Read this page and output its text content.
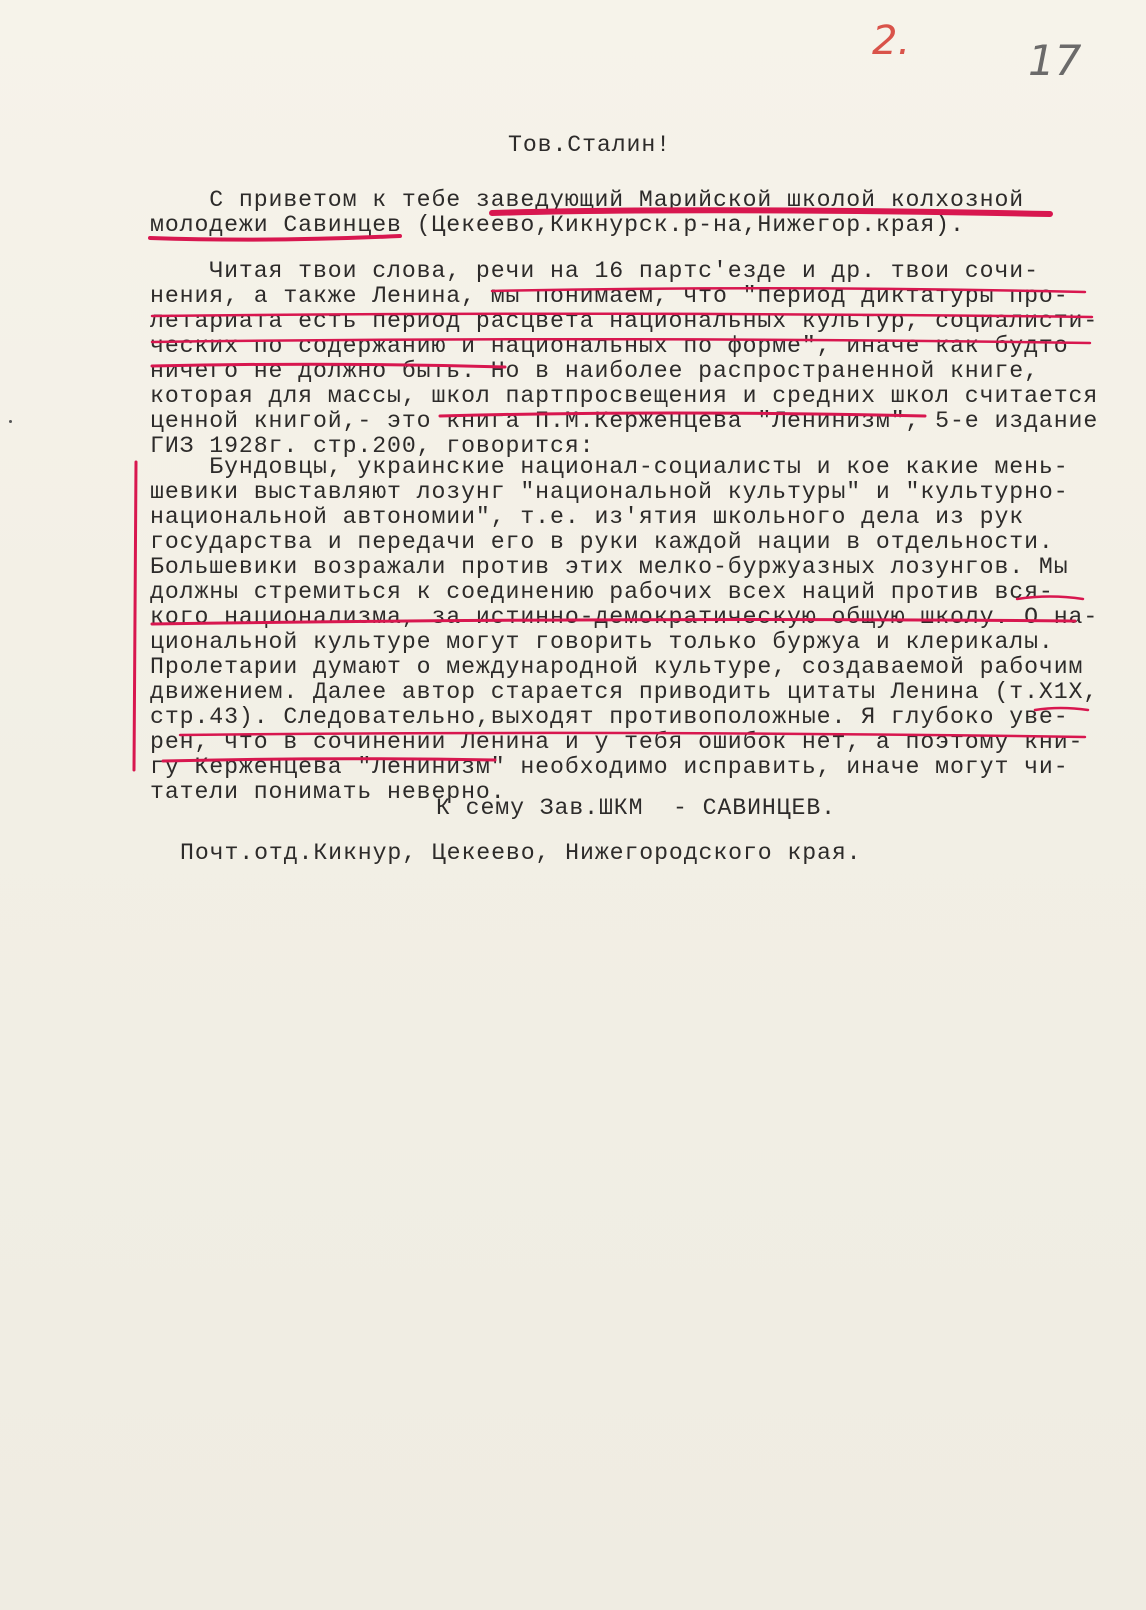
2.	17
Тов.Сталин!
С приветом к тебе заведующий Марийской школой колхозной
молодежи Савинцев (Цекеево,Кикнурск.р-на,Нижегор.края).
Читая твои слова, речи на 16 партс'езде и др. твои сочи-
нения, а также Ленина, мы понимаем, что "период диктатуры про-
летариата есть период расцвета национальных культур, социалисти-
ческих по содержанию и национальных по форме", иначе как будто
ничего не должно быть. Но в наиболее распространенной книге,
которая для массы, школ партпросвещения и средних школ считается
ценной книгой,- это книга П.М.Керженцева "Ленинизм", 5-е издание
ГИЗ 1928г. стр.200, говорится:
Бундовцы, украинские национал-социалисты и кое какие мень-
шевики выставляют лозунг "национальной культуры" и "культурно-
национальной автономии", т.е. из'ятия школьного дела из рук
государства и передачи его в руки каждой нации в отдельности.
Большевики возражали против этих мелко-буржуазных лозунгов. Мы
должны стремиться к соединению рабочих всех наций против вся-
кого национализма, за истинно-демократическую общую школу. О на-
циональной культуре могут говорить только буржуа и клерикалы.
Пролетарии думают о международной культуре, создаваемой рабочим
движением. Далее автор старается приводить цитаты Ленина (т.Х1Х,
стр.43). Следовательно,выходят противоположные. Я глубоко уве-
рен, что в сочинении Ленина и у тебя ошибок нет, а поэтому кни-
гу Керженцева "Ленинизм" необходимо исправить, иначе могут чи-
татели понимать неверно.
К сему Зав.ШКМ  - САВИНЦЕВ.
Почт.отд.Кикнур, Цекеево, Нижегородского края.
